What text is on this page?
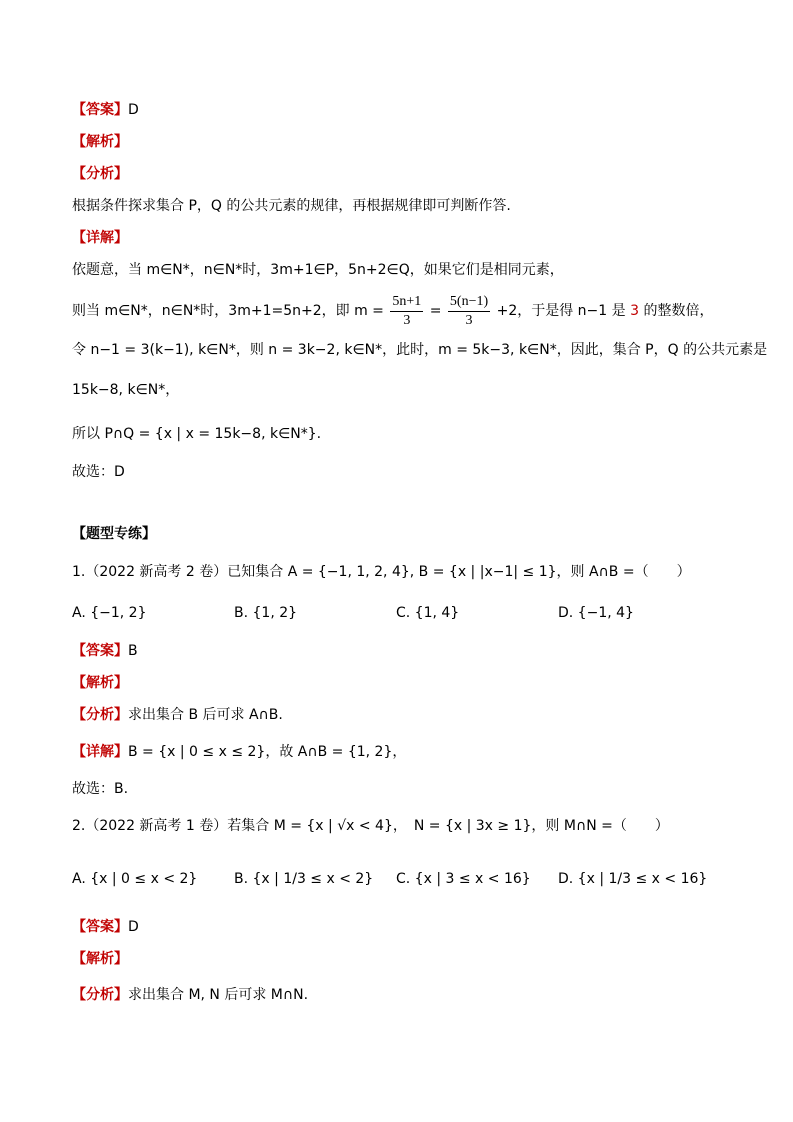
【答案】D
【解析】
【分析】
根据条件探求集合 P，Q 的公共元素的规律，再根据规律即可判断作答.
【详解】
依题意，当 m∈N*，n∈N*时，3m+1∈P，5n+2∈Q，如果它们是相同元素，
则当 m∈N*，n∈N*时，3m+1=5n+2，即 $m = \frac{5n+1}{3} = \frac{5(n-1)}{3} +2$，于是得 n−1 是 3 的整数倍，
令 n−1 = 3(k−1), k∈N*，则 n = 3k−2, k∈N*，此时，m = 5k−3, k∈N*，因此，集合 P，Q 的公共元素是
15k−8, k∈N*，
所以 P∩Q = {x | x = 15k−8, k∈N*}.
故选：D
【题型专练】
1.（2022 新高考 2 卷）已知集合 A = {−1, 1, 2, 4}, B = {x | |x−1| ≤ 1}，则 A∩B =（　　）
A. {−1, 2}	B. {1, 2}	C. {1, 4}	D. {−1, 4}
【答案】B
【解析】
【分析】求出集合 B 后可求 A∩B.
【详解】B = {x | 0 ≤ x ≤ 2}，故 A∩B = {1, 2}，
故选：B.
2.（2022 新高考 1 卷）若集合 M = {x | √x < 4}，　N = {x | 3x ≥ 1}，则 M∩N =（　　）
A. {x | 0 ≤ x < 2}	B. {x | 1/3 ≤ x < 2} C. {x | 3 ≤ x < 16} D. {x | 1/3 ≤ x < 16}
【答案】D
【解析】
【分析】求出集合 M, N 后可求 M∩N.
